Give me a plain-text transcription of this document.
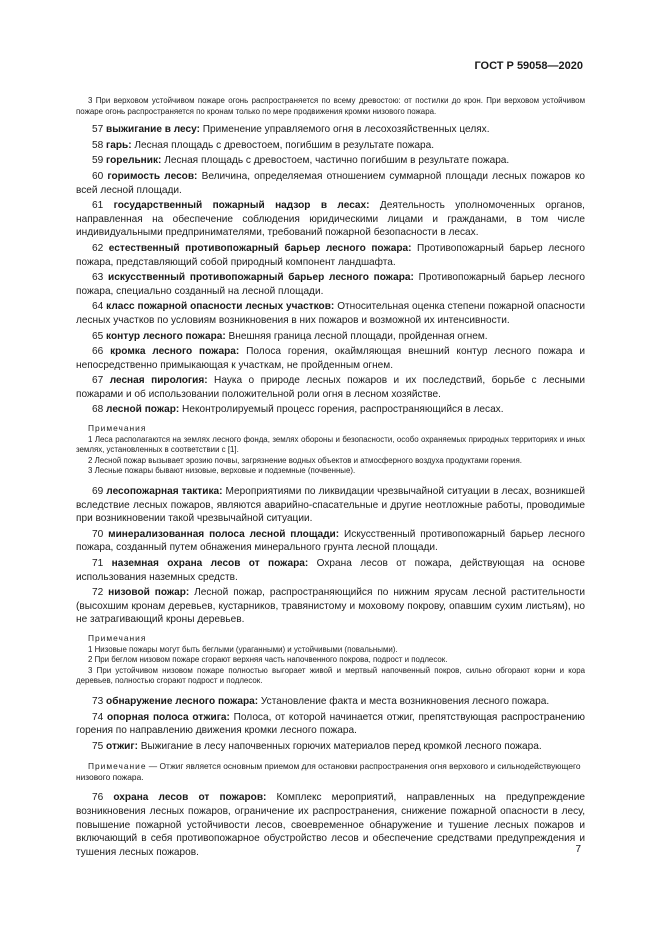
ГОСТ Р 59058—2020

3 При верховом устойчивом пожаре огонь распространяется по всему древостою: от постилки до крон. При верховом устойчивом пожаре огонь распространяется по кронам только по мере продвижения кромки низового пожара.

57 выжигание в лесу: Применение управляемого огня в лесохозяйственных целях.

58 гарь: Лесная площадь с древостоем, погибшим в результате пожара.

59 горельник: Лесная площадь с древостоем, частично погибшим в результате пожара.

60 горимость лесов: Величина, определяемая отношением суммарной площади лесных пожаров ко всей лесной площади.

61 государственный пожарный надзор в лесах: Деятельность уполномоченных органов, направленная на обеспечение соблюдения юридическими лицами и гражданами, в том числе индивидуальными предпринимателями, требований пожарной безопасности в лесах.

62 естественный противопожарный барьер лесного пожара: Противопожарный барьер лесного пожара, представляющий собой природный компонент ландшафта.

63 искусственный противопожарный барьер лесного пожара: Противопожарный барьер лесного пожара, специально созданный на лесной площади.

64 класс пожарной опасности лесных участков: Относительная оценка степени пожарной опасности лесных участков по условиям возникновения в них пожаров и возможной их интенсивности.

65 контур лесного пожара: Внешняя граница лесной площади, пройденная огнем.

66 кромка лесного пожара: Полоса горения, окаймляющая внешний контур лесного пожара и непосредственно примыкающая к участкам, не пройденным огнем.

67 лесная пирология: Наука о природе лесных пожаров и их последствий, борьбе с лесными пожарами и об использовании положительной роли огня в лесном хозяйстве.

68 лесной пожар: Неконтролируемый процесс горения, распространяющийся в лесах.

Примечания

1 Леса располагаются на землях лесного фонда, землях обороны и безопасности, особо охраняемых природных территориях и иных землях, установленных в соответствии с [1].

2 Лесной пожар вызывает эрозию почвы, загрязнение водных объектов и атмосферного воздуха продуктами горения.

3 Лесные пожары бывают низовые, верховые и подземные (почвенные).

69 лесопожарная тактика: Мероприятиями по ликвидации чрезвычайной ситуации в лесах, возникшей вследствие лесных пожаров, являются аварийно-спасательные и другие неотложные работы, проводимые при возникновении такой чрезвычайной ситуации.

70 минерализованная полоса лесной площади: Искусственный противопожарный барьер лесного пожара, созданный путем обнажения минерального грунта лесной площади.

71 наземная охрана лесов от пожара: Охрана лесов от пожара, действующая на основе использования наземных средств.

72 низовой пожар: Лесной пожар, распространяющийся по нижним ярусам лесной растительности (высохшим кронам деревьев, кустарников, травянистому и моховому покрову, опавшим сухим листьям), но не затрагивающий кроны деревьев.

Примечания

1 Низовые пожары могут быть беглыми (ураганными) и устойчивыми (повальными).

2 При беглом низовом пожаре сгорают верхняя часть напочвенного покрова, подрост и подлесок.

3 При устойчивом низовом пожаре полностью выгорает живой и мертвый напочвенный покров, сильно обгорают корни и кора деревьев, полностью сгорают подрост и подлесок.

73 обнаружение лесного пожара: Установление факта и места возникновения лесного пожара.

74 опорная полоса отжига: Полоса, от которой начинается отжиг, препятствующая распространению горения по направлению движения кромки лесного пожара.

75 отжиг: Выжигание в лесу напочвенных горючих материалов перед кромкой лесного пожара.

Примечание — Отжиг является основным приемом для остановки распространения огня верхового и сильнодействующего низового пожара.

76 охрана лесов от пожаров: Комплекс мероприятий, направленных на предупреждение возникновения лесных пожаров, ограничение их распространения, снижение пожарной опасности в лесу, повышение пожарной устойчивости лесов, своевременное обнаружение и тушение лесных пожаров и включающий в себя противопожарное обустройство лесов и обеспечение средствами предупреждения и тушения лесных пожаров.	7
